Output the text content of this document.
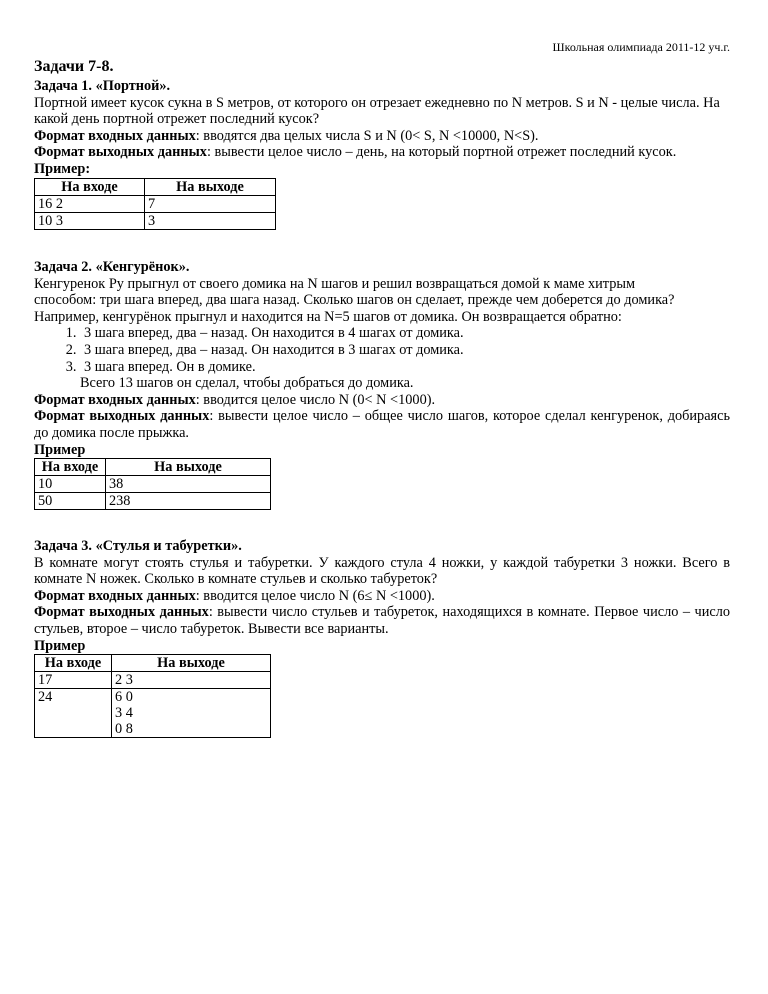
Школьная олимпиада 2011-12 уч.г.
Задачи 7-8.

Задача 1. «Портной».

Портной имеет кусок сукна в S метров, от которого он отрезает ежедневно по N метров. S и N - целые числа. На какой день портной отрежет последний кусок?

Формат входных данных: вводятся два целых числа S и N (0< S, N <10000, N<S).

Формат выходных данных: вывести целое число – день, на который портной отрежет последний кусок.

Пример:

На входе	На выходе
16 2	7
10 3	3

Задача 2. «Кенгурёнок».

Кенгуренок Ру прыгнул от своего домика на N шагов и решил возвращаться домой к маме хитрым способом: три шага вперед, два шага назад. Сколько шагов он сделает, прежде чем доберется до домика?

Например, кенгурёнок прыгнул и находится на N=5 шагов от домика. Он возвращается обратно:

1. 3 шага вперед, два – назад. Он находится в 4 шагах от домика.
2. 3 шага вперед, два – назад. Он находится в 3 шагах от домика.
3. 3 шага вперед. Он в домике.

Всего 13 шагов он сделал, чтобы добраться до домика.

Формат входных данных: вводится целое число N (0< N <1000).

Формат выходных данных: вывести целое число – общее число шагов, которое сделал кенгуренок, добираясь до домика после прыжка.

Пример

На входе	На выходе
10	38
50	238

Задача 3. «Стулья и табуретки».

В комнате могут стоять стулья и табуретки. У каждого стула 4 ножки, у каждой табуретки 3 ножки. Всего в комнате N ножек. Сколько в комнате стульев и сколько табуреток?

Формат входных данных: вводится целое число N (6≤ N <1000).

Формат выходных данных: вывести число стульев и табуреток, находящихся в комнате. Первое число – число стульев, второе – число табуреток. Вывести все варианты.

Пример

На входе	На выходе
17	2 3
24	6 0
3 4
0 8
